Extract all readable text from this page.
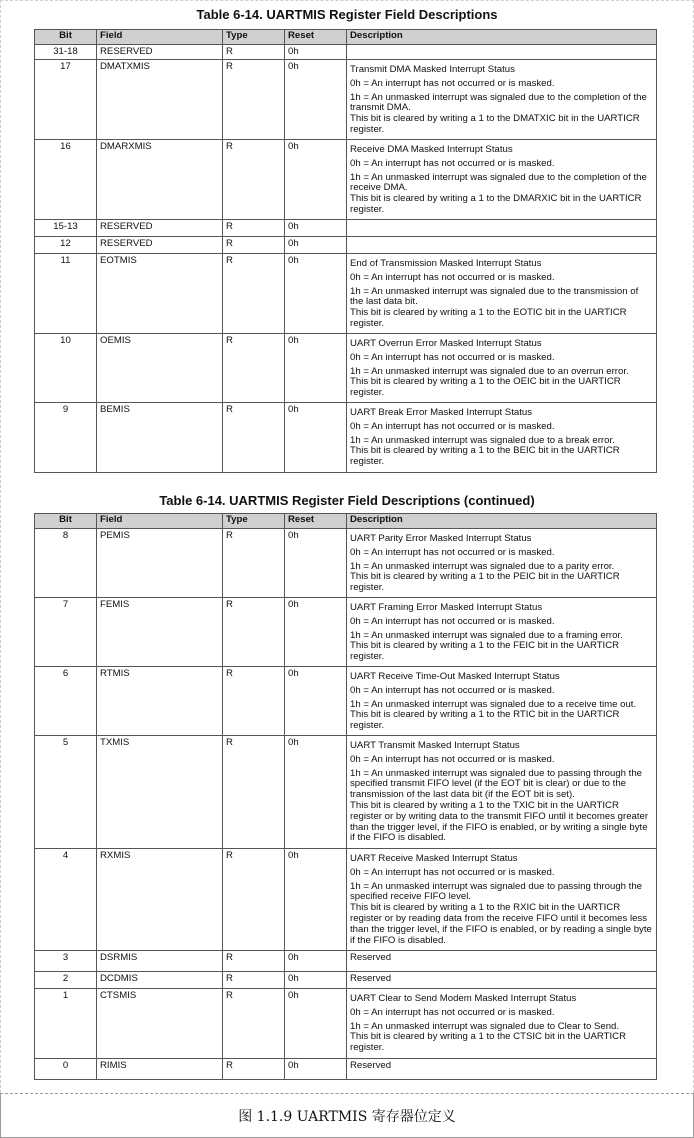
Table 6-14. UARTMIS Register Field Descriptions
Bit	Field	Type	Reset	Description
31-18	RESERVED	R	0h	
17	DMATXMIS	R	0h	Transmit DMA Masked Interrupt Status
0h = An interrupt has not occurred or is masked.
1h = An unmasked interrupt was signaled due to the completion of the transmit DMA.
This bit is cleared by writing a 1 to the DMATXIC bit in the UARTICR register.

16	DMARXMIS	R	0h	Receive DMA Masked Interrupt Status
0h = An interrupt has not occurred or is masked.
1h = An unmasked interrupt was signaled due to the completion of the receive DMA.
This bit is cleared by writing a 1 to the DMARXIC bit in the UARTICR register.

15-13	RESERVED	R	0h	
12	RESERVED	R	0h	
11	EOTMIS	R	0h	End of Transmission Masked Interrupt Status
0h = An interrupt has not occurred or is masked.
1h = An unmasked interrupt was signaled due to the transmission of the last data bit.
This bit is cleared by writing a 1 to the EOTIC bit in the UARTICR register.

10	OEMIS	R	0h	UART Overrun Error Masked Interrupt Status
0h = An interrupt has not occurred or is masked.
1h = An unmasked interrupt was signaled due to an overrun error.
This bit is cleared by writing a 1 to the OEIC bit in the UARTICR register.

9	BEMIS	R	0h	UART Break Error Masked Interrupt Status
0h = An interrupt has not occurred or is masked.
1h = An unmasked interrupt was signaled due to a break error.
This bit is cleared by writing a 1 to the BEIC bit in the UARTICR register.
Table 6-14. UARTMIS Register Field Descriptions (continued)
Bit	Field	Type	Reset	Description
8	PEMIS	R	0h	UART Parity Error Masked Interrupt Status
0h = An interrupt has not occurred or is masked.
1h = An unmasked interrupt was signaled due to a parity error.
This bit is cleared by writing a 1 to the PEIC bit in the UARTICR register.

7	FEMIS	R	0h	UART Framing Error Masked Interrupt Status
0h = An interrupt has not occurred or is masked.
1h = An unmasked interrupt was signaled due to a framing error.
This bit is cleared by writing a 1 to the FEIC bit in the UARTICR register.

6	RTMIS	R	0h	UART Receive Time-Out Masked Interrupt Status
0h = An interrupt has not occurred or is masked.
1h = An unmasked interrupt was signaled due to a receive time out.
This bit is cleared by writing a 1 to the RTIC bit in the UARTICR register.

5	TXMIS	R	0h	UART Transmit Masked Interrupt Status
0h = An interrupt has not occurred or is masked.
1h = An unmasked interrupt was signaled due to passing through the specified transmit FIFO level (if the EOT bit is clear) or due to the transmission of the last data bit (if the EOT bit is set).
This bit is cleared by writing a 1 to the TXIC bit in the UARTICR register or by writing data to the transmit FIFO until it becomes greater than the trigger level, if the FIFO is enabled, or by writing a single byte if the FIFO is disabled.

4	RXMIS	R	0h	UART Receive Masked Interrupt Status
0h = An interrupt has not occurred or is masked.
1h = An unmasked interrupt was signaled due to passing through the specified receive FIFO level.
This bit is cleared by writing a 1 to the RXIC bit in the UARTICR register or by reading data from the receive FIFO until it becomes less than the trigger level, if the FIFO is enabled, or by reading a single byte if the FIFO is disabled.

3	DSRMIS	R	0h	Reserved

2	DCDMIS	R	0h	Reserved

1	CTSMIS	R	0h	UART Clear to Send Modem Masked Interrupt Status
0h = An interrupt has not occurred or is masked.
1h = An unmasked interrupt was signaled due to Clear to Send.
This bit is cleared by writing a 1 to the CTSIC bit in the UARTICR register.

0	RIMIS	R	0h	Reserved
图 1.1.9 UARTMIS 寄存器位定义
